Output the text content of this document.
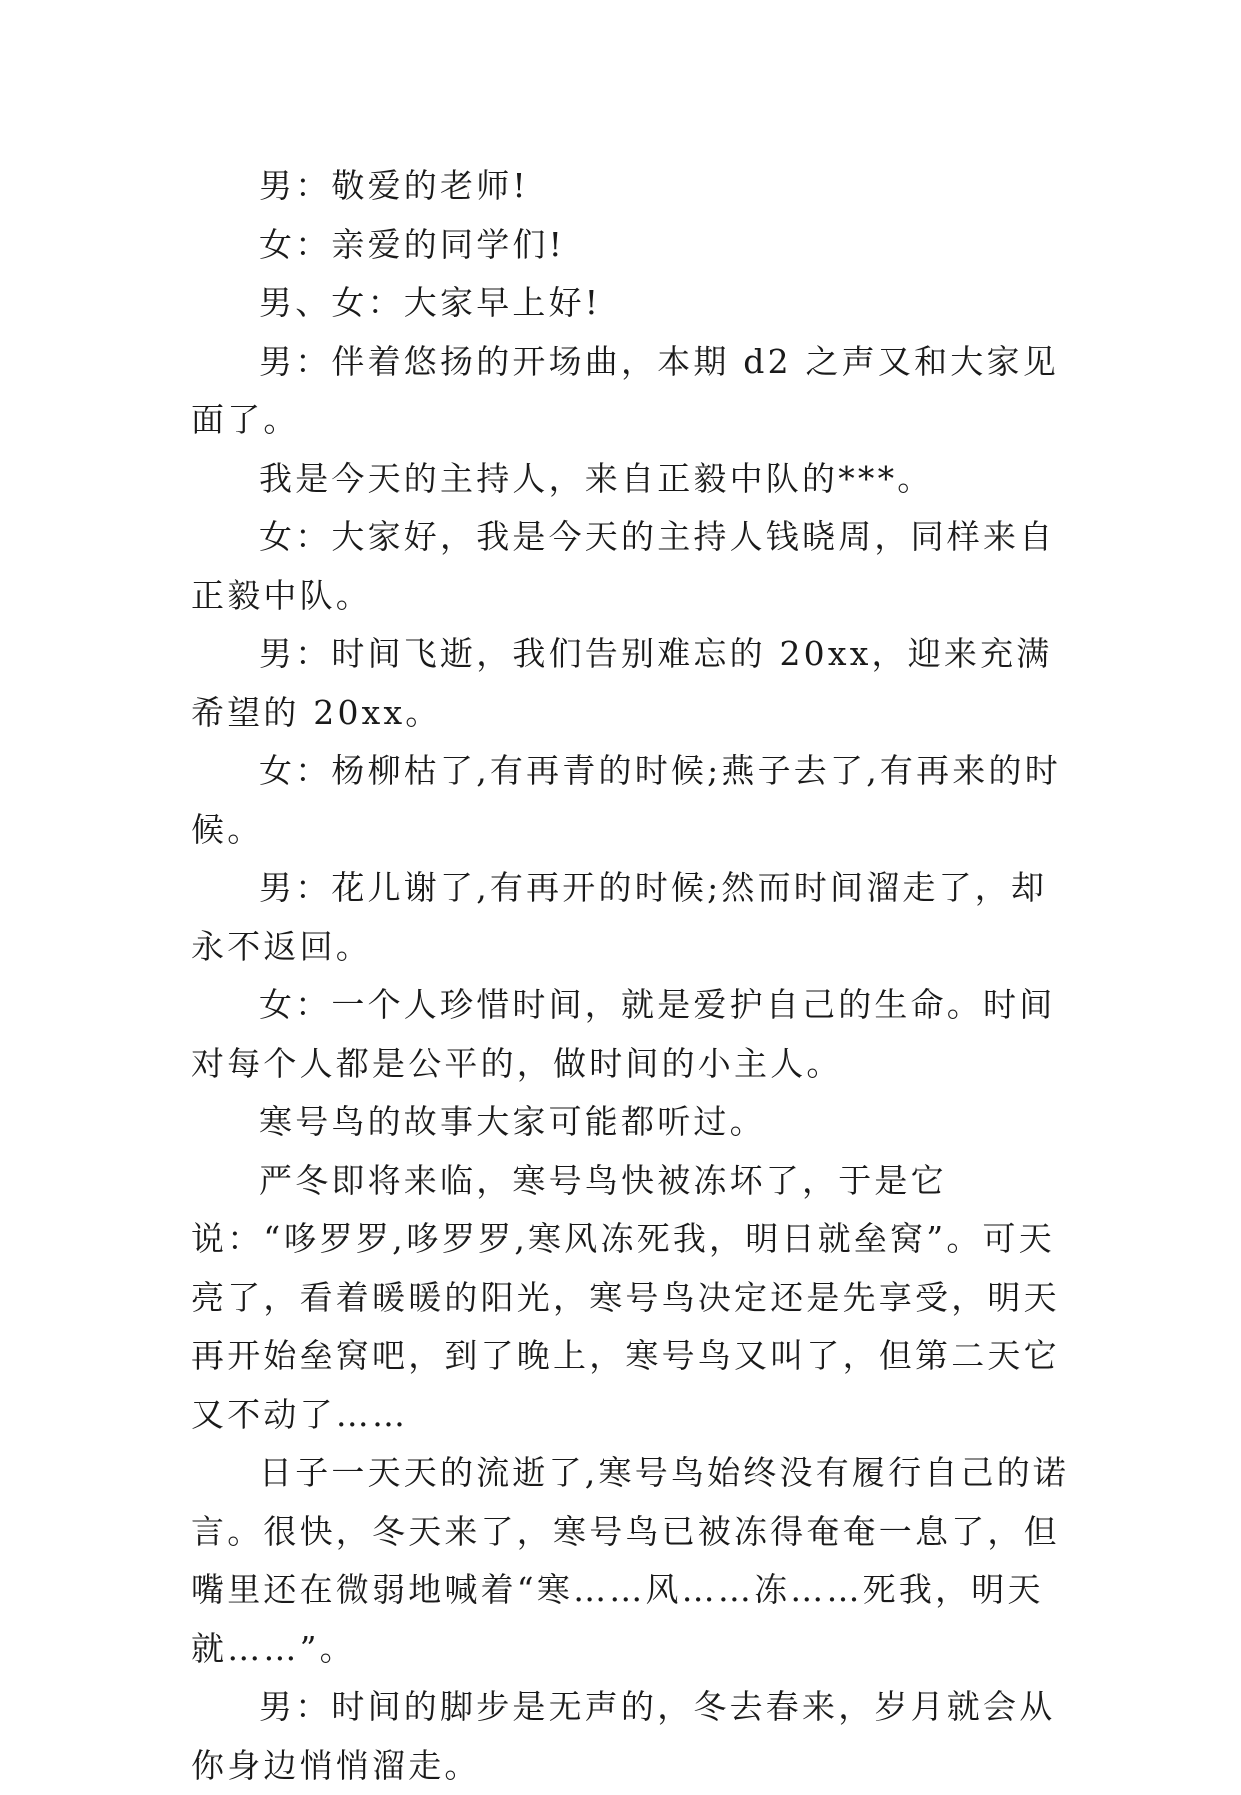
男：敬爱的老师!

女：亲爱的同学们!

男、女：大家早上好!

男：伴着悠扬的开场曲，本期 d2 之声又和大家见面了。

我是今天的主持人，来自正毅中队的***。

女：大家好，我是今天的主持人钱晓周，同样来自正毅中队。

男：时间飞逝，我们告别难忘的 20xx，迎来充满希望的 20xx。

女：杨柳枯了,有再青的时候;燕子去了,有再来的时候。

男：花儿谢了,有再开的时候;然而时间溜走了，却永不返回。

女：一个人珍惜时间，就是爱护自己的生命。时间对每个人都是公平的，做时间的小主人。

寒号鸟的故事大家可能都听过。

严冬即将来临，寒号鸟快被冻坏了，于是它说：“哆罗罗,哆罗罗,寒风冻死我，明日就垒窝”。可天亮了，看着暖暖的阳光，寒号鸟决定还是先享受，明天再开始垒窝吧，到了晚上，寒号鸟又叫了，但第二天它又不动了……

日子一天天的流逝了,寒号鸟始终没有履行自己的诺言。很快，冬天来了，寒号鸟已被冻得奄奄一息了，但嘴里还在微弱地喊着“寒……风……冻……死我，明天就……”。

男：时间的脚步是无声的，冬去春来，岁月就会从你身边悄悄溜走。
